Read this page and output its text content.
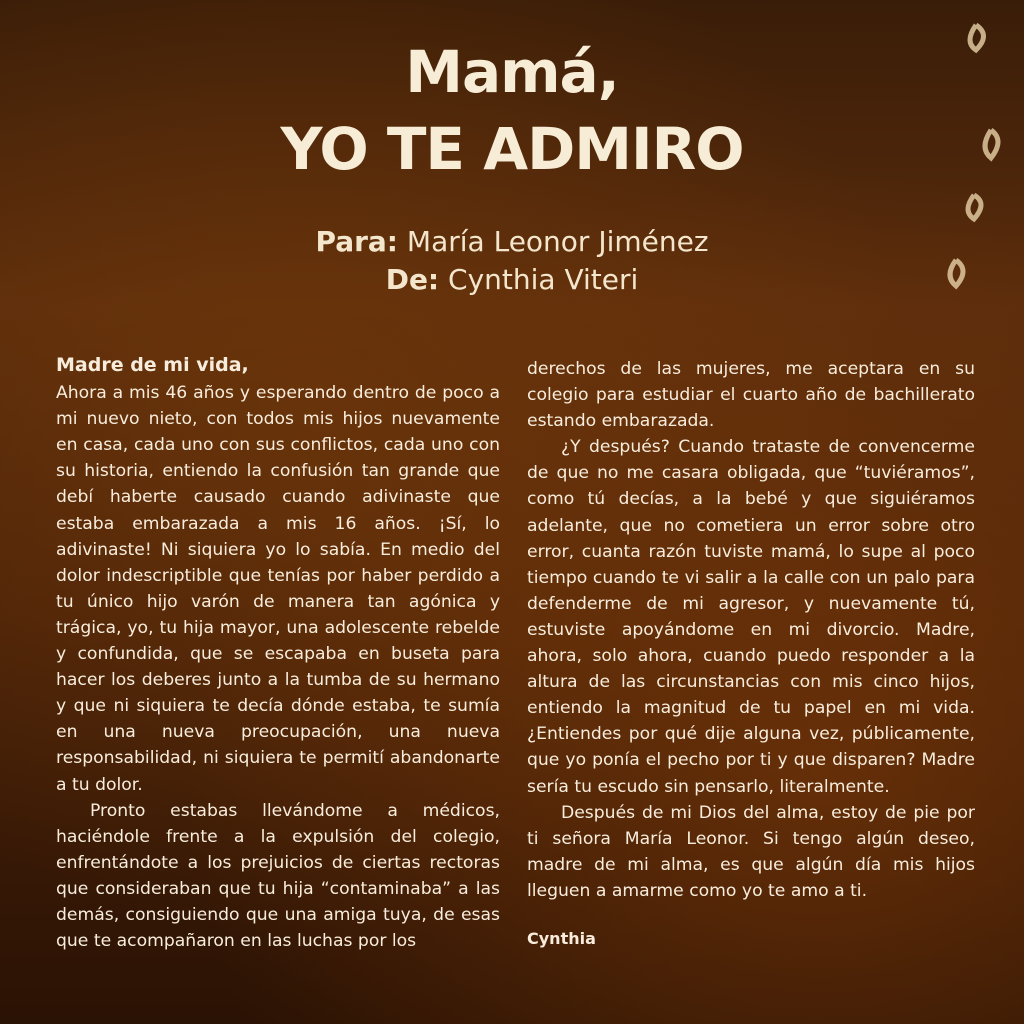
Mamá,
YO TE ADMIRO
Para: María Leonor Jiménez
De: Cynthia Viteri
Madre de mi vida,

Ahora a mis 46 años y esperando dentro de poco a mi nuevo nieto, con todos mis hijos nuevamente en casa, cada uno con sus conflictos, cada uno con su historia, entiendo la confusión tan grande que debí haberte causado cuando adivinaste que estaba embarazada a mis 16 años. ¡Sí, lo adivinaste! Ni siquiera yo lo sabía. En medio del dolor indescriptible que tenías por haber perdido a tu único hijo varón de manera tan agónica y trágica, yo, tu hija mayor, una adolescente rebelde y confundida, que se escapaba en buseta para hacer los deberes junto a la tumba de su hermano y que ni siquiera te decía dónde estaba, te sumía en una nueva preocupación, una nueva responsabilidad, ni siquiera te permití abandonarte a tu dolor.

Pronto estabas llevándome a médicos, haciéndole frente a la expulsión del colegio, enfrentándote a los prejuicios de ciertas rectoras que consideraban que tu hija “contaminaba” a las demás, consiguiendo que una amiga tuya, de esas que te acompañaron en las luchas por los

derechos de las mujeres, me aceptara en su colegio para estudiar el cuarto año de bachillerato estando embarazada.

¿Y después? Cuando trataste de convencerme de que no me casara obligada, que “tuviéramos”, como tú decías, a la bebé y que siguiéramos adelante, que no cometiera un error sobre otro error, cuanta razón tuviste mamá, lo supe al poco tiempo cuando te vi salir a la calle con un palo para defenderme de mi agresor, y nuevamente tú, estuviste apoyándome en mi divorcio. Madre, ahora, solo ahora, cuando puedo responder a la altura de las circunstancias con mis cinco hijos, entiendo la magnitud de tu papel en mi vida. ¿Entiendes por qué dije alguna vez, públicamente, que yo ponía el pecho por ti y que disparen? Madre sería tu escudo sin pensarlo, literalmente.

Después de mi Dios del alma, estoy de pie por ti señora María Leonor. Si tengo algún deseo, madre de mi alma, es que algún día mis hijos lleguen a amarme como yo te amo a ti.

Cynthia
